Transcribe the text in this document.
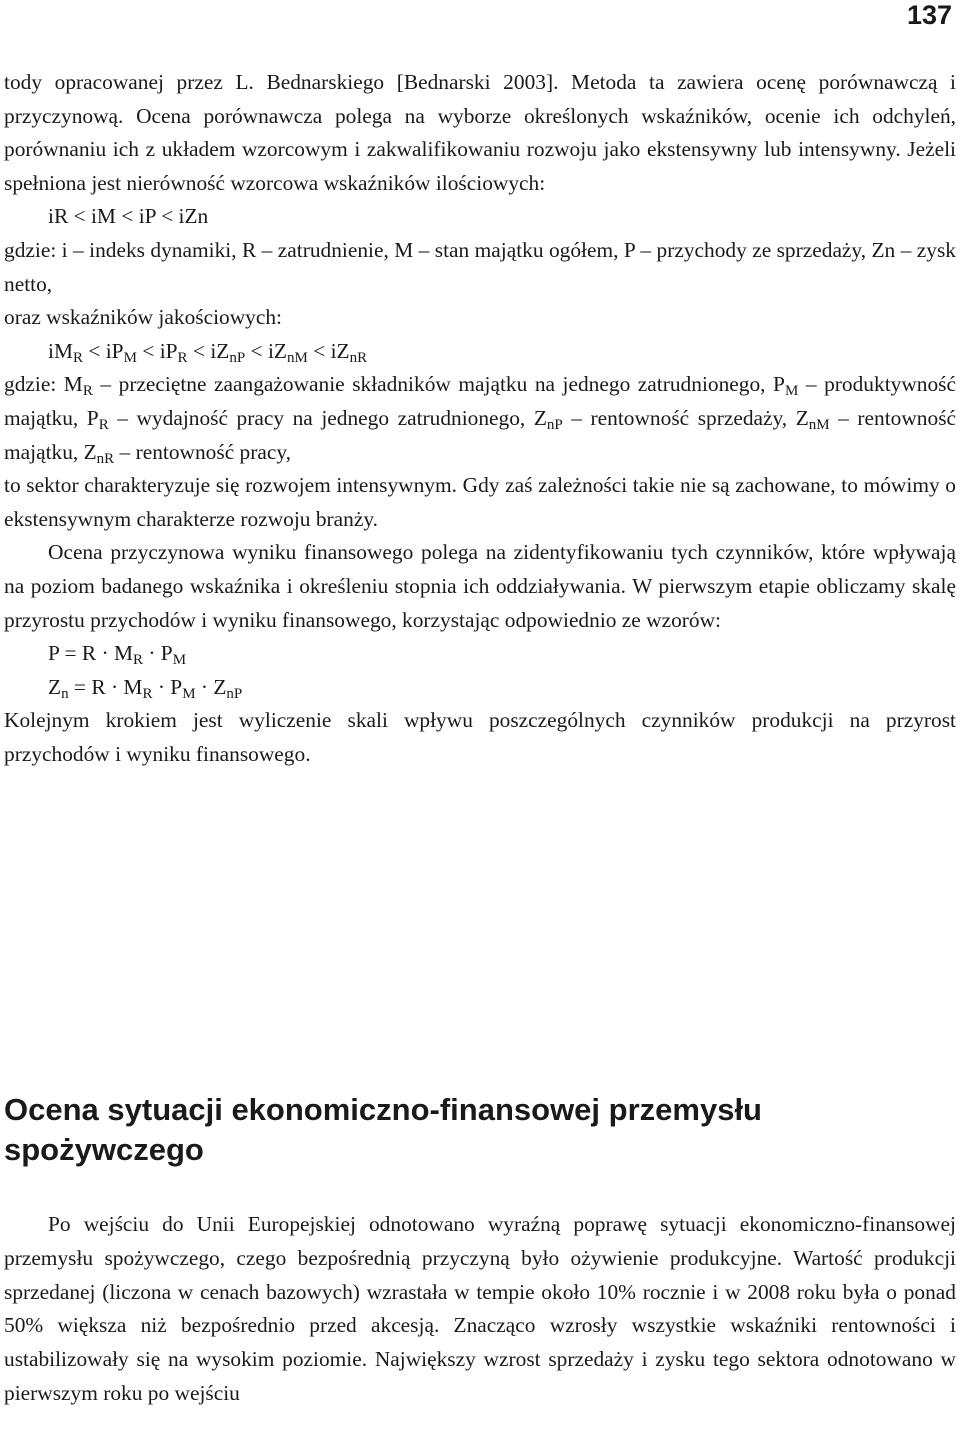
137

tody opracowanej przez L. Bednarskiego [Bednarski 2003]. Metoda ta zawiera ocenę porównawczą i przyczynową. Ocena porównawcza polega na wyborze określonych wskaźników, ocenie ich odchyleń, porównaniu ich z układem wzorcowym i zakwalifikowaniu rozwoju jako ekstensywny lub intensywny. Jeżeli spełniona jest nierówność wzorcowa wskaźników ilościowych:

iR < iM < iP < iZn

gdzie: i – indeks dynamiki, R – zatrudnienie, M – stan majątku ogółem, P – przychody ze sprzedaży, Zn – zysk netto,

oraz wskaźników jakościowych:

$iM_R < iP_M < iP_R < iZ_{nP} < iZ_{nM} < iZ_{nR}$

gdzie: $M_R$ – przeciętne zaangażowanie składników majątku na jednego zatrudnionego, $P_M$ – produktywność majątku, $P_R$ – wydajność pracy na jednego zatrudnionego, $Z_{nP}$ – rentowność sprzedaży, $Z_{nM}$ – rentowność majątku, $Z_{nR}$ – rentowność pracy,

to sektor charakteryzuje się rozwojem intensywnym. Gdy zaś zależności takie nie są zachowane, to mówimy o ekstensywnym charakterze rozwoju branży.

Ocena przyczynowa wyniku finansowego polega na zidentyfikowaniu tych czynników, które wpływają na poziom badanego wskaźnika i określeniu stopnia ich oddziaływania. W pierwszym etapie obliczamy skalę przyrostu przychodów i wyniku finansowego, korzystając odpowiednio ze wzorów:

$P = R \cdot M_R \cdot P_M$

$Z_n = R \cdot M_R \cdot P_M \cdot Z_{nP}$

Kolejnym krokiem jest wyliczenie skali wpływu poszczególnych czynników produkcji na przyrost przychodów i wyniku finansowego.

Ocena sytuacji ekonomiczno-finansowej przemysłu spożywczego

Po wejściu do Unii Europejskiej odnotowano wyraźną poprawę sytuacji ekonomiczno-finansowej przemysłu spożywczego, czego bezpośrednią przyczyną było ożywienie produkcyjne. Wartość produkcji sprzedanej (liczona w cenach bazowych) wzrastała w tempie około 10% rocznie i w 2008 roku była o ponad 50% większa niż bezpośrednio przed akcesją. Znacząco wzrosły wszystkie wskaźniki rentowności i ustabilizowały się na wysokim poziomie. Największy wzrost sprzedaży i zysku tego sektora odnotowano w pierwszym roku po wejściu
